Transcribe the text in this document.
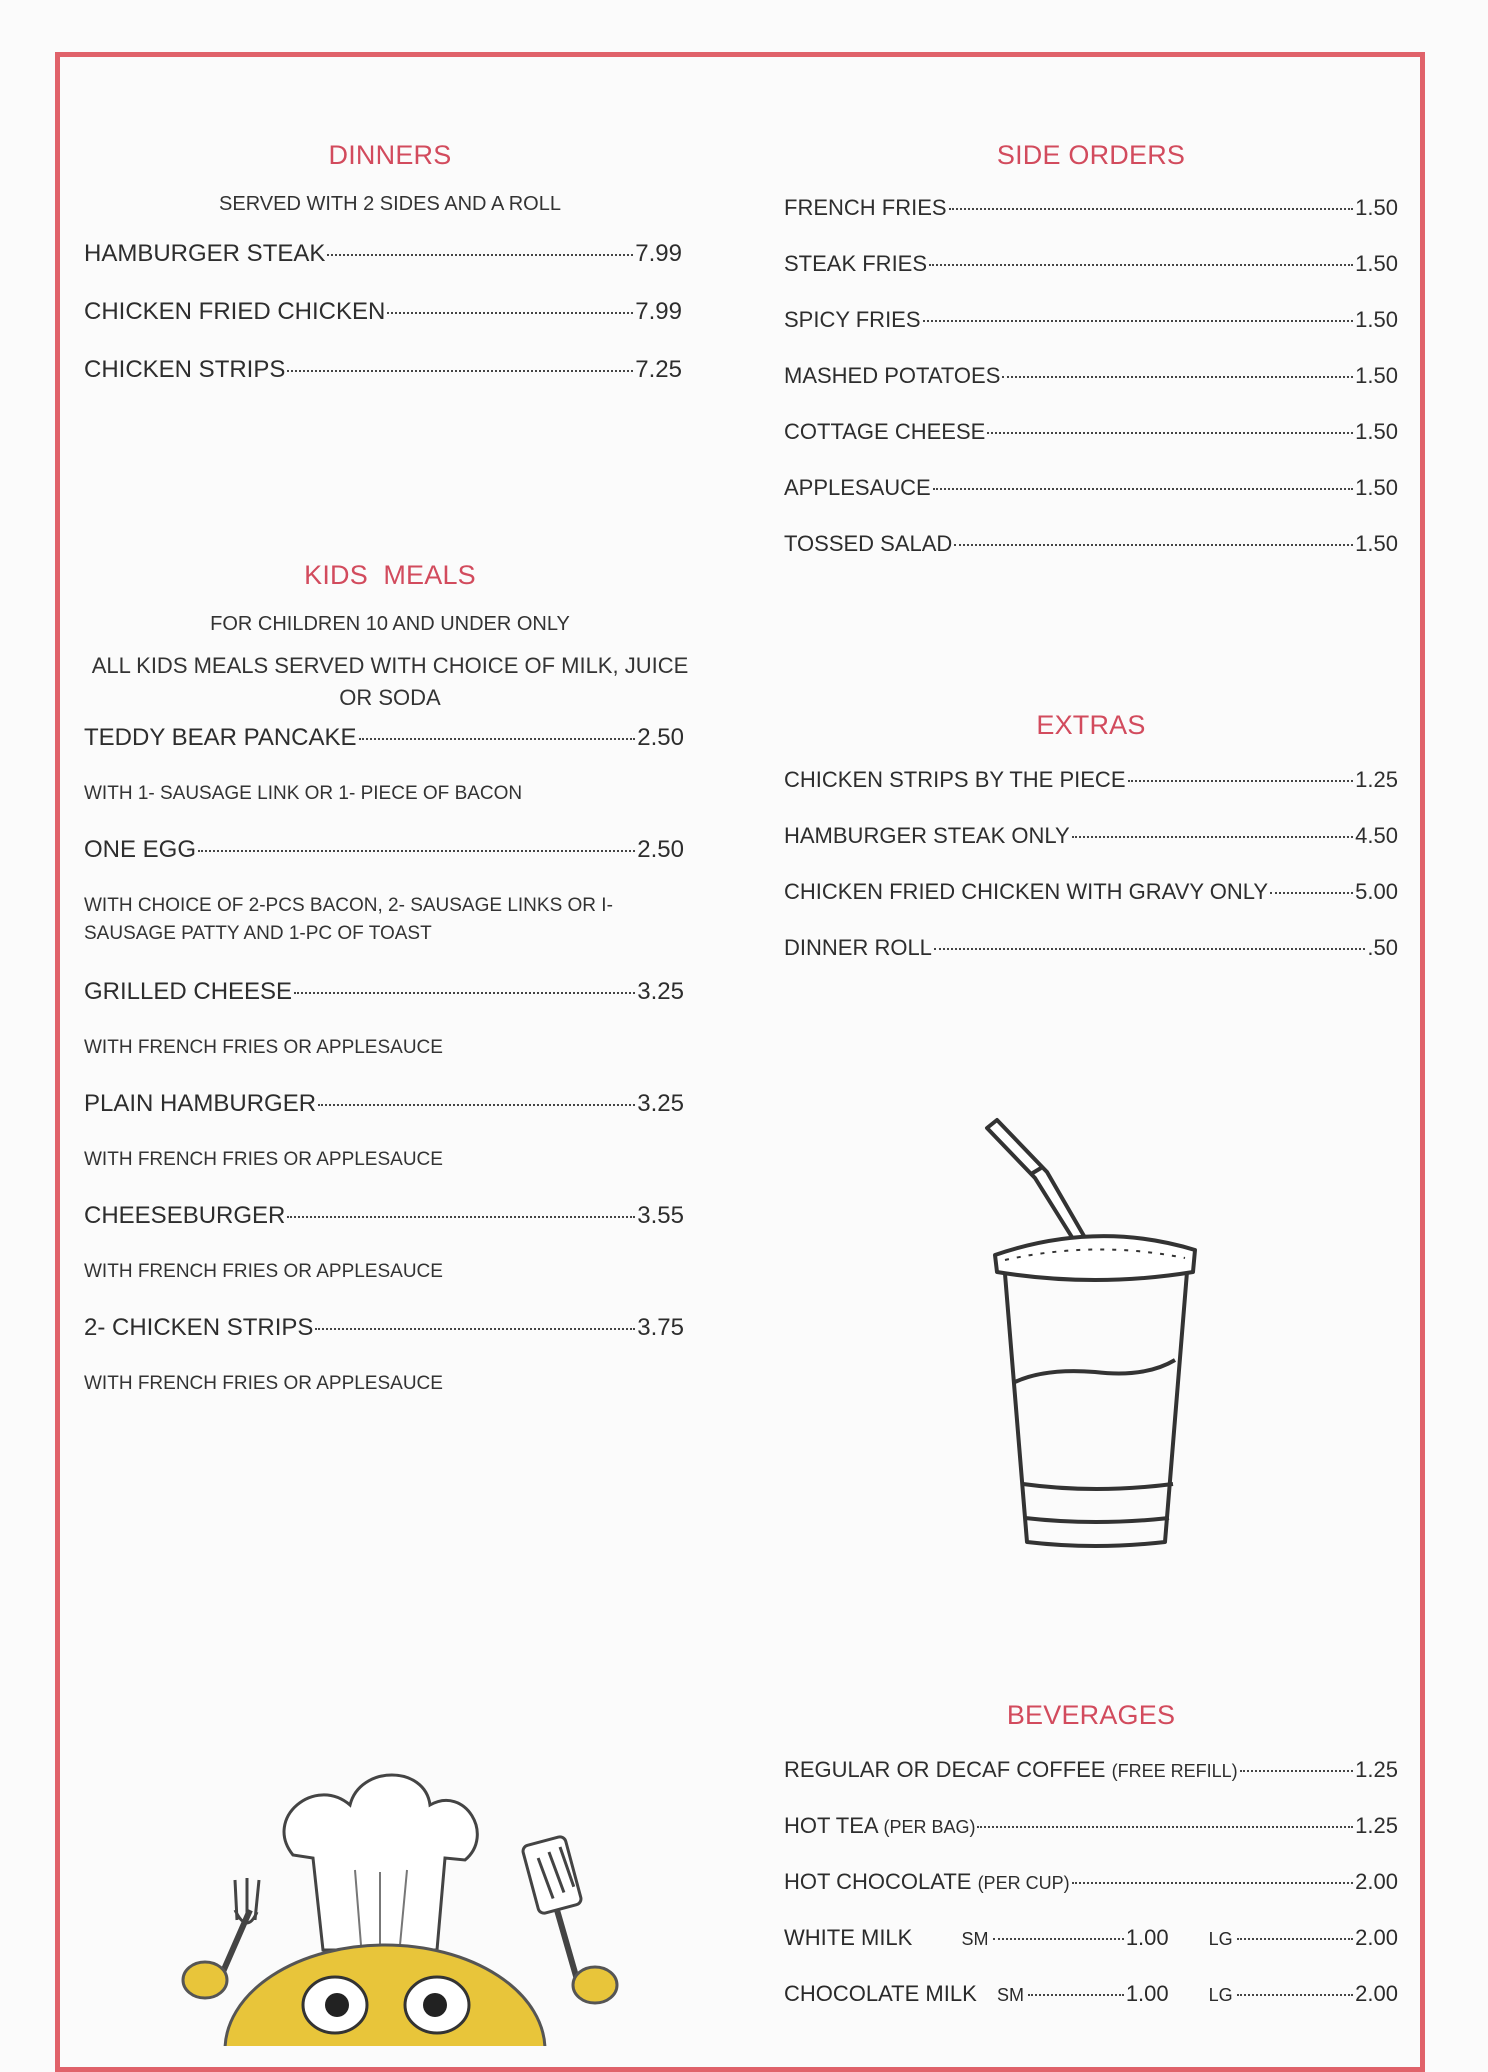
DINNERS

SERVED WITH 2 SIDES AND A ROLL

HAMBURGER STEAK	7.99
CHICKEN FRIED CHICKEN	7.99
CHICKEN STRIPS	7.25
KIDS  MEALS

FOR CHILDREN 10 AND UNDER ONLY

ALL KIDS MEALS SERVED WITH CHOICE OF MILK, JUICE OR SODA

TEDDY BEAR PANCAKE	2.50
WITH 1- SAUSAGE LINK OR 1- PIECE OF BACON
ONE EGG	2.50
WITH CHOICE OF 2-PCS BACON, 2- SAUSAGE LINKS OR I-SAUSAGE PATTY AND 1-PC OF TOAST
GRILLED CHEESE	3.25
WITH FRENCH FRIES OR APPLESAUCE
PLAIN HAMBURGER	3.25
WITH FRENCH FRIES OR APPLESAUCE
CHEESEBURGER	3.55
WITH FRENCH FRIES OR APPLESAUCE
2- CHICKEN STRIPS	3.75
WITH FRENCH FRIES OR APPLESAUCE
SIDE ORDERS
FRENCH FRIES	1.50
STEAK FRIES	1.50
SPICY FRIES	1.50
MASHED POTATOES	1.50
COTTAGE CHEESE	1.50
APPLESAUCE	1.50
TOSSED SALAD	1.50
EXTRAS
CHICKEN STRIPS BY THE PIECE	1.25
HAMBURGER STEAK ONLY	4.50
CHICKEN FRIED CHICKEN WITH GRAVY ONLY	5.00
DINNER ROLL	.50
BEVERAGES
REGULAR OR DECAF COFFEE (FREE REFILL)	1.25
HOT TEA (PER BAG)	1.25
HOT CHOCOLATE (PER CUP)	2.00
WHITE MILK	SM	1.00 LG	2.00
CHOCOLATE MILK	SM	1.00 LG	2.00
